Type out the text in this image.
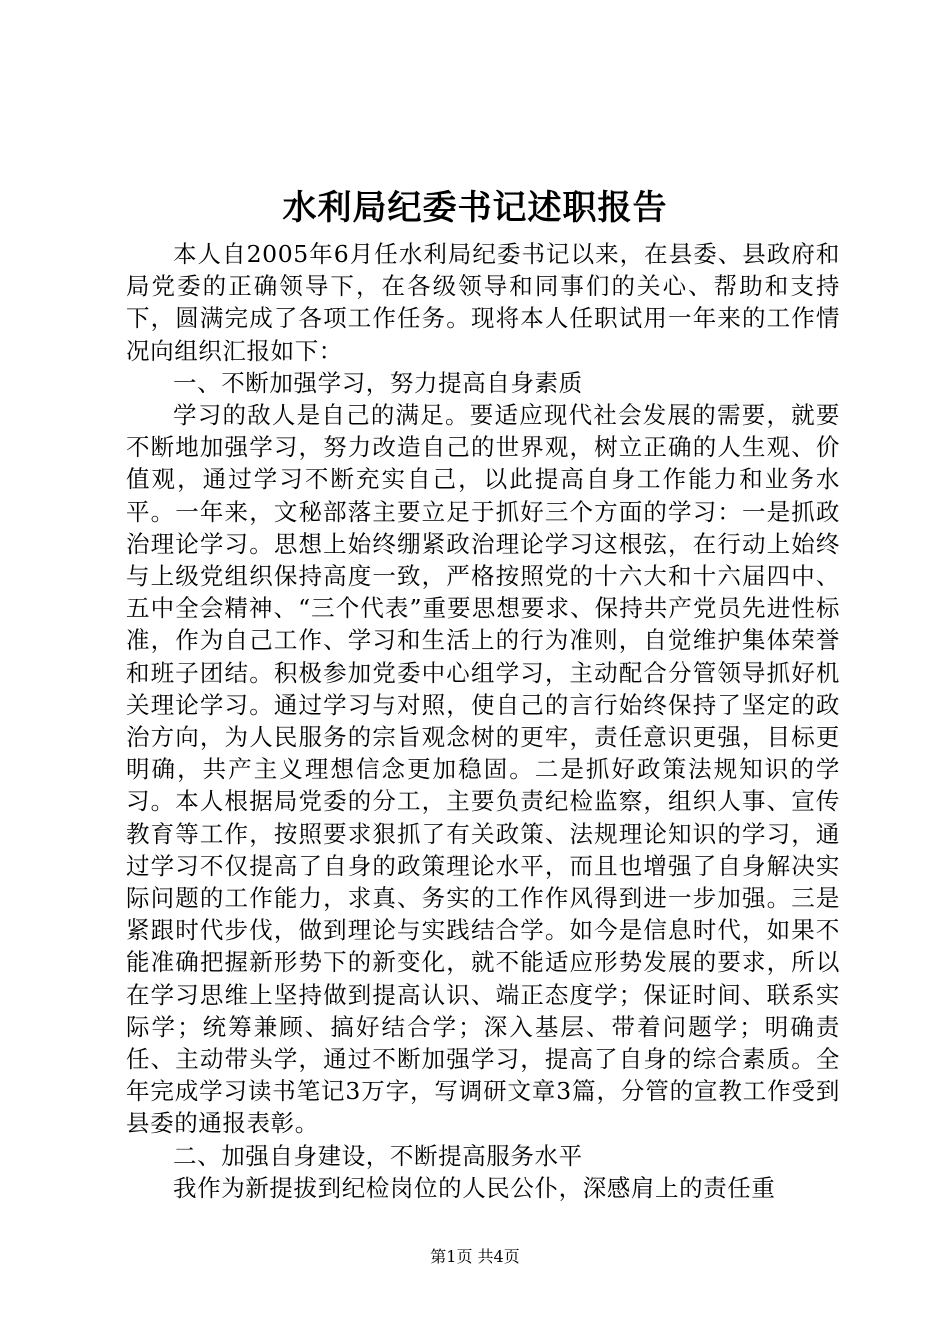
水利局纪委书记述职报告

本人自2005年6月任水利局纪委书记以来，在县委、县政府和局党委的正确领导下，在各级领导和同事们的关心、帮助和支持下，圆满完成了各项工作任务。现将本人任职试用一年来的工作情况向组织汇报如下：

一、不断加强学习，努力提高自身素质

学习的敌人是自己的满足。要适应现代社会发展的需要，就要不断地加强学习，努力改造自己的世界观，树立正确的人生观、价值观，通过学习不断充实自己，以此提高自身工作能力和业务水平。一年来，文秘部落主要立足于抓好三个方面的学习：一是抓政治理论学习。思想上始终绷紧政治理论学习这根弦，在行动上始终与上级党组织保持高度一致，严格按照党的十六大和十六届四中、五中全会精神、“三个代表”重要思想要求、保持共产党员先进性标准，作为自己工作、学习和生活上的行为准则，自觉维护集体荣誉和班子团结。积极参加党委中心组学习，主动配合分管领导抓好机关理论学习。通过学习与对照，使自己的言行始终保持了坚定的政治方向，为人民服务的宗旨观念树的更牢，责任意识更强，目标更明确，共产主义理想信念更加稳固。二是抓好政策法规知识的学习。本人根据局党委的分工，主要负责纪检监察，组织人事、宣传教育等工作，按照要求狠抓了有关政策、法规理论知识的学习，通过学习不仅提高了自身的政策理论水平，而且也增强了自身解决实际问题的工作能力，求真、务实的工作作风得到进一步加强。三是紧跟时代步伐，做到理论与实践结合学。如今是信息时代，如果不能准确把握新形势下的新变化，就不能适应形势发展的要求，所以在学习思维上坚持做到提高认识、端正态度学；保证时间、联系实际学；统筹兼顾、搞好结合学；深入基层、带着问题学；明确责任、主动带头学，通过不断加强学习，提高了自身的综合素质。全年完成学习读书笔记3万字，写调研文章3篇，分管的宣教工作受到县委的通报表彰。

二、加强自身建设，不断提高服务水平

我作为新提拔到纪检岗位的人民公仆，深感肩上的责任重

第1页 共4页
